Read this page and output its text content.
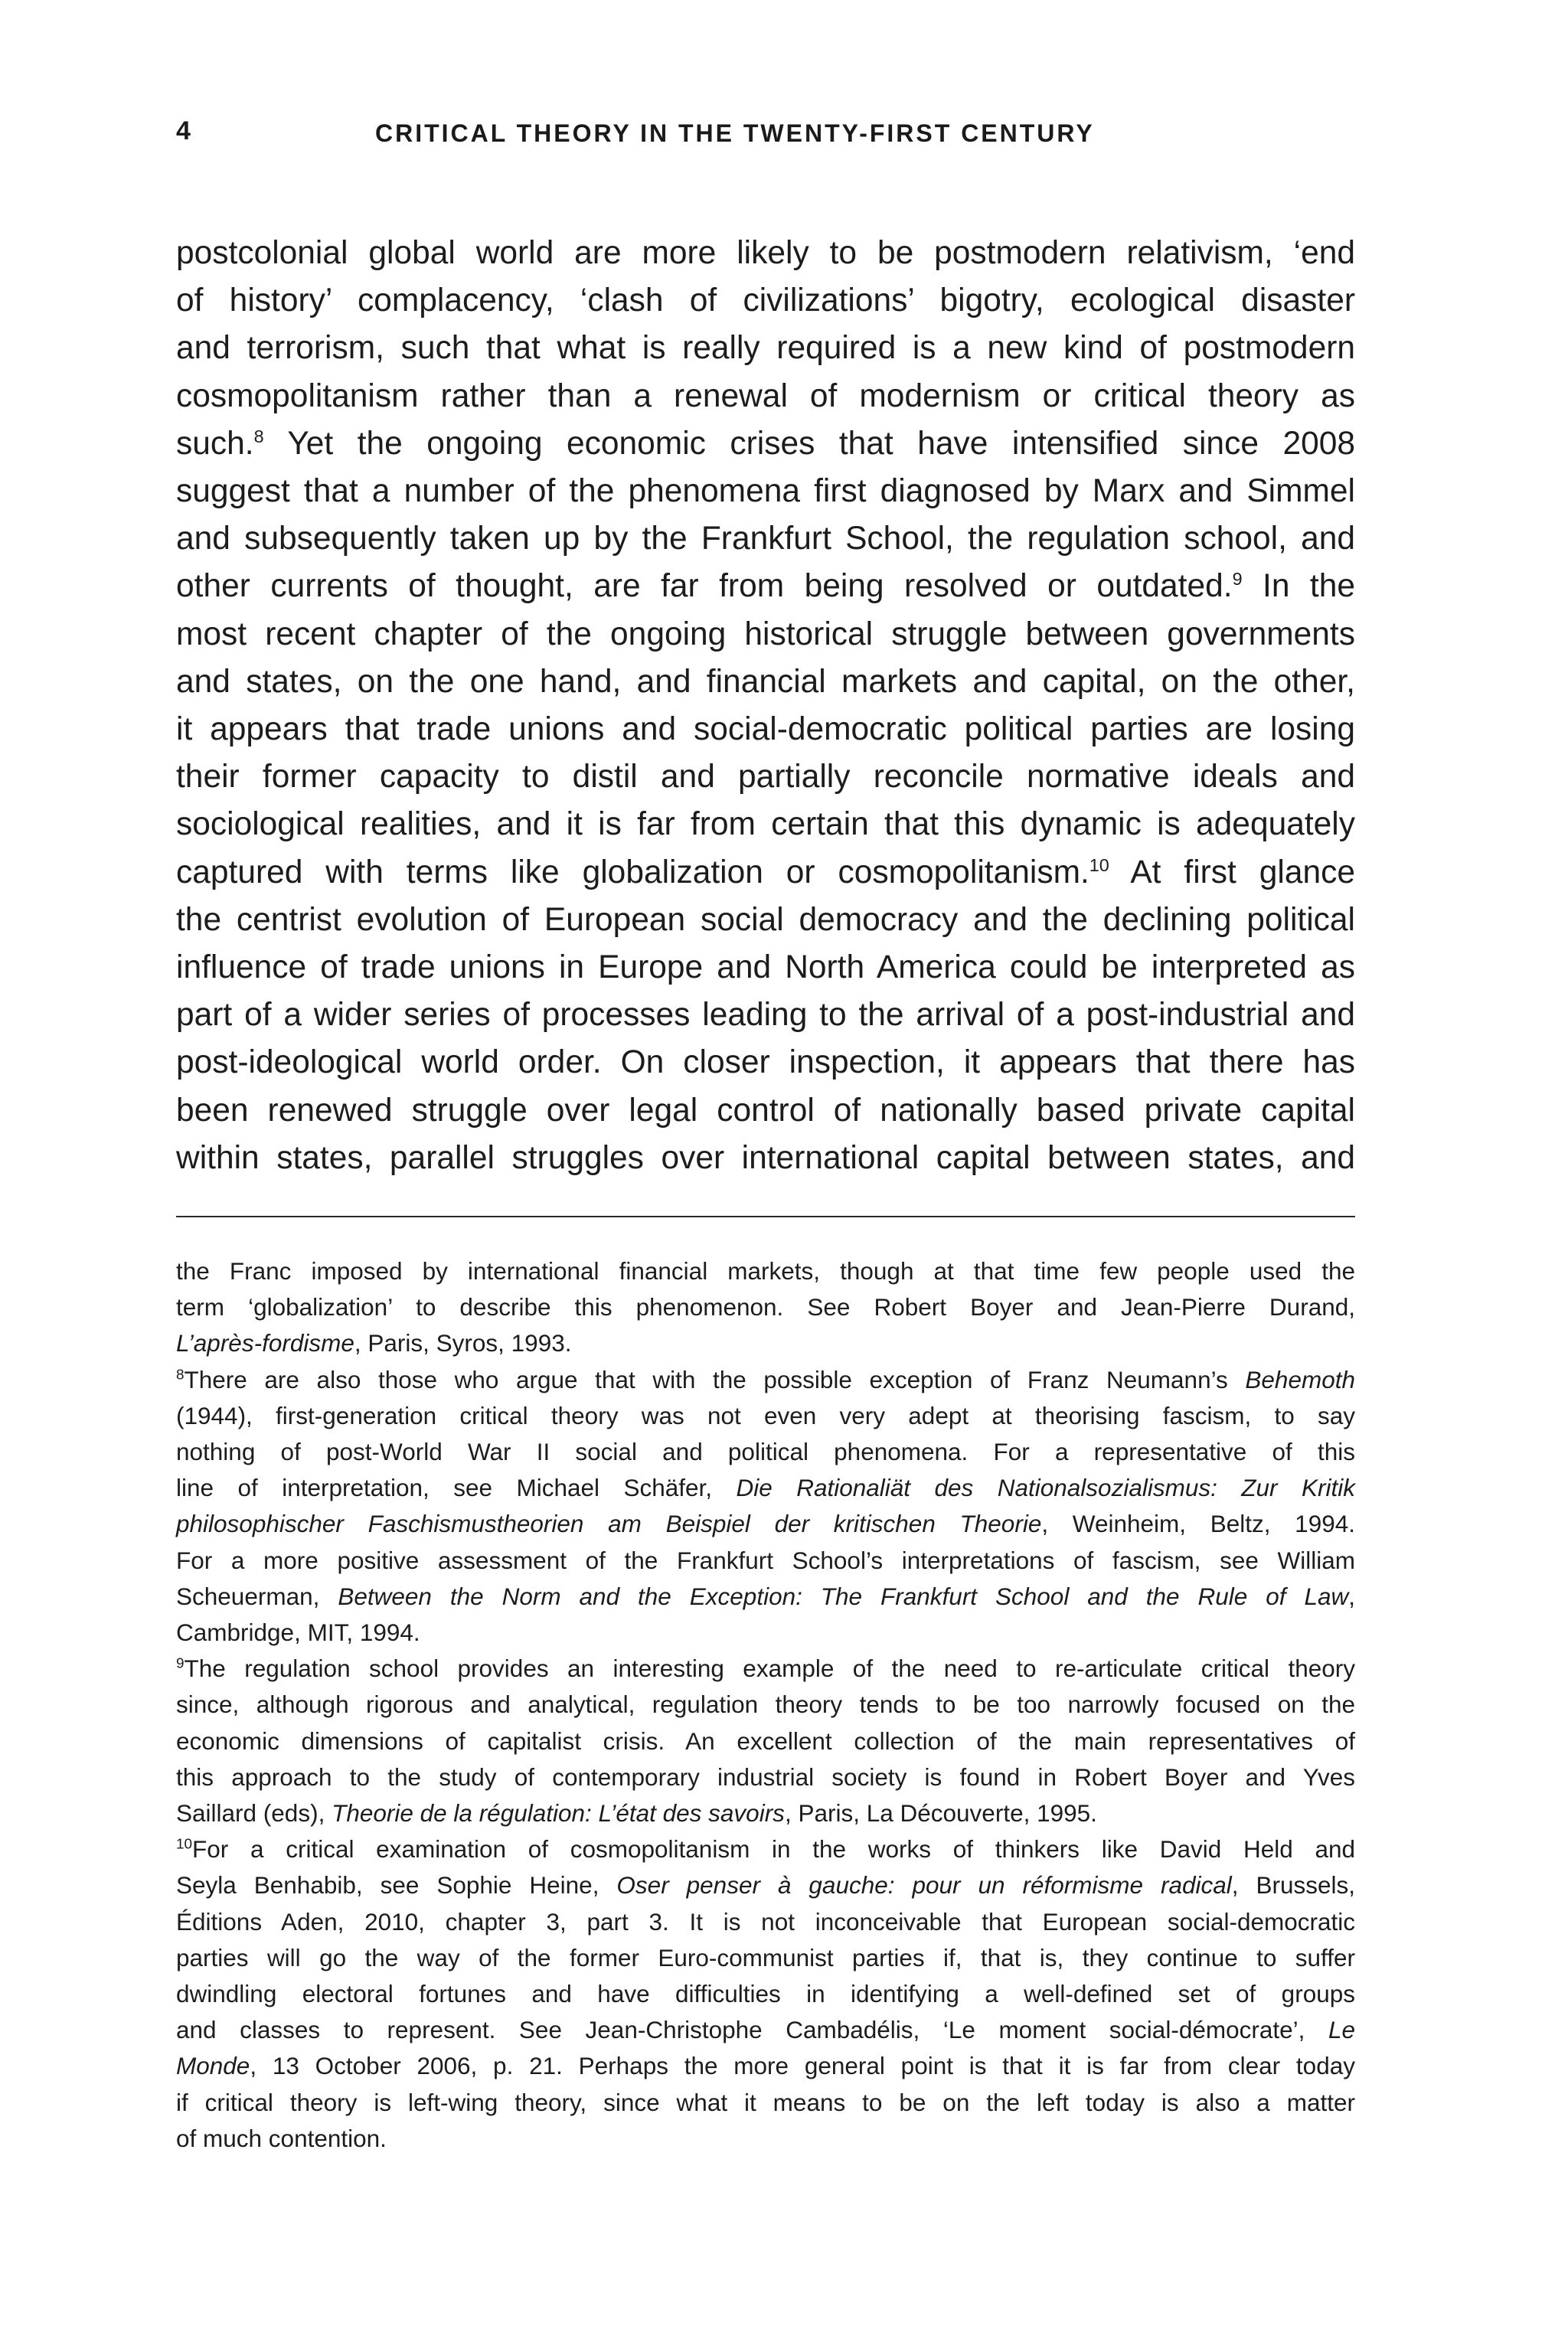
4	CRITICAL THEORY IN THE TWENTY-FIRST CENTURY
postcolonial global world are more likely to be postmodern relativism, ‘end
of history’ complacency, ‘clash of civilizations’ bigotry, ecological disaster
and terrorism, such that what is really required is a new kind of postmodern
cosmopolitanism rather than a renewal of modernism or critical theory as
such.$^8$ Yet the ongoing economic crises that have intensified since 2008
suggest that a number of the phenomena first diagnosed by Marx and Simmel
and subsequently taken up by the Frankfurt School, the regulation school, and
other currents of thought, are far from being resolved or outdated.$^9$ In the
most recent chapter of the ongoing historical struggle between governments
and states, on the one hand, and financial markets and capital, on the other,
it appears that trade unions and social-democratic political parties are losing
their former capacity to distil and partially reconcile normative ideals and
sociological realities, and it is far from certain that this dynamic is adequately
captured with terms like globalization or cosmopolitanism.$^{10}$ At first glance
the centrist evolution of European social democracy and the declining political
influence of trade unions in Europe and North America could be interpreted as
part of a wider series of processes leading to the arrival of a post-industrial and
post-ideological world order. On closer inspection, it appears that there has
been renewed struggle over legal control of nationally based private capital
within states, parallel struggles over international capital between states, and

the Franc imposed by international financial markets, though at that time few people used the
term ‘globalization’ to describe this phenomenon. See Robert Boyer and Jean-Pierre Durand,
L’après-fordisme, Paris, Syros, 1993.

$^8$There are also those who argue that with the possible exception of Franz Neumann’s Behemoth
(1944), first-generation critical theory was not even very adept at theorising fascism, to say
nothing of post-World War II social and political phenomena. For a representative of this
line of interpretation, see Michael Schäfer, Die Rationaliät des Nationalsozialismus: Zur Kritik
philosophischer Faschismustheorien am Beispiel der kritischen Theorie, Weinheim, Beltz, 1994.
For a more positive assessment of the Frankfurt School’s interpretations of fascism, see William
Scheuerman, Between the Norm and the Exception: The Frankfurt School and the Rule of Law,
Cambridge, MIT, 1994.

$^9$The regulation school provides an interesting example of the need to re-articulate critical theory
since, although rigorous and analytical, regulation theory tends to be too narrowly focused on the
economic dimensions of capitalist crisis. An excellent collection of the main representatives of
this approach to the study of contemporary industrial society is found in Robert Boyer and Yves
Saillard (eds), Theorie de la régulation: L’état des savoirs, Paris, La Découverte, 1995.

$^{10}$For a critical examination of cosmopolitanism in the works of thinkers like David Held and
Seyla Benhabib, see Sophie Heine, Oser penser à gauche: pour un réformisme radical, Brussels,
Éditions Aden, 2010, chapter 3, part 3. It is not inconceivable that European social-democratic
parties will go the way of the former Euro-communist parties if, that is, they continue to suffer
dwindling electoral fortunes and have difficulties in identifying a well-defined set of groups
and classes to represent. See Jean-Christophe Cambadélis, ‘Le moment social-démocrate’, Le
Monde, 13 October 2006, p. 21. Perhaps the more general point is that it is far from clear today
if critical theory is left-wing theory, since what it means to be on the left today is also a matter
of much contention.
